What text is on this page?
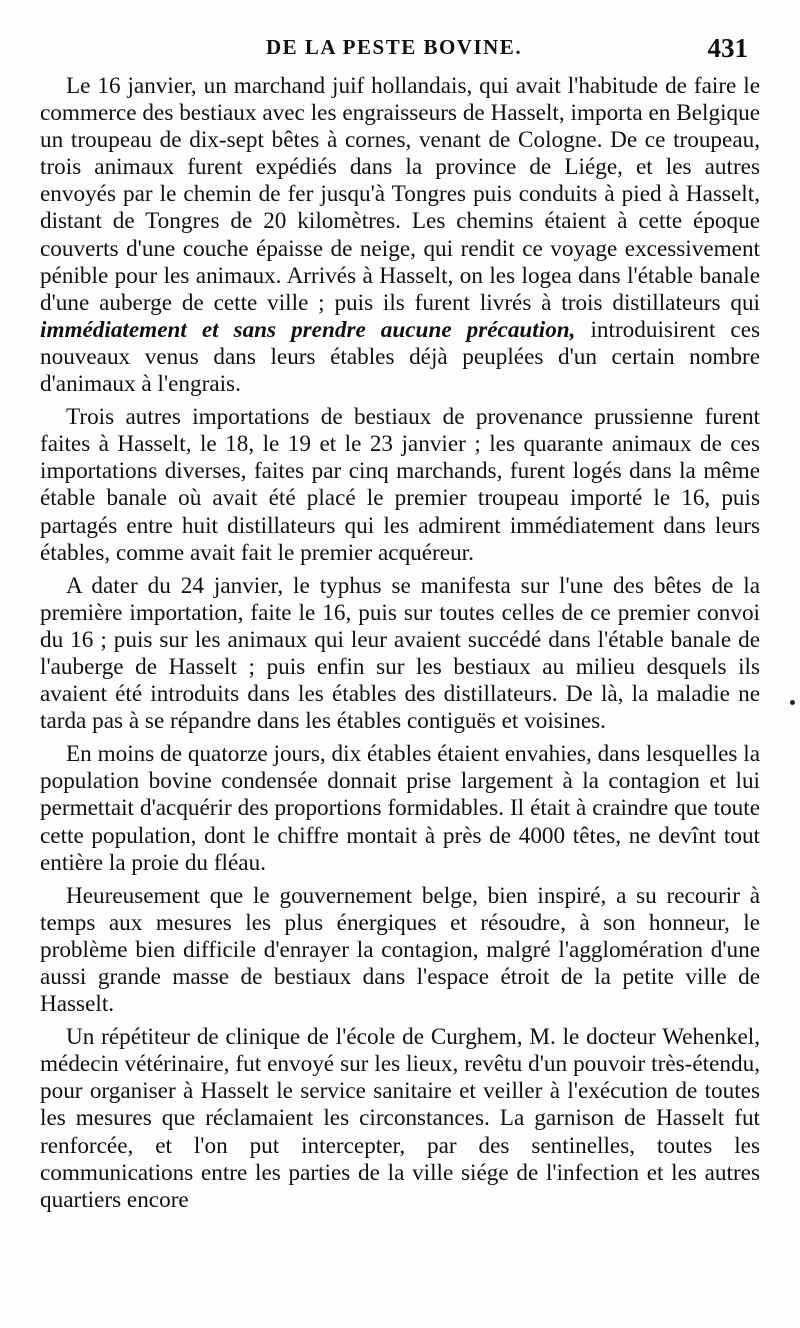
DE LA PESTE BOVINE.	431

Le 16 janvier, un marchand juif hollandais, qui avait l'habitude de faire le commerce des bestiaux avec les engraisseurs de Hasselt, importa en Belgique un troupeau de dix-sept bêtes à cornes, venant de Cologne. De ce troupeau, trois animaux furent expédiés dans la province de Liége, et les autres envoyés par le chemin de fer jusqu'à Tongres puis conduits à pied à Hasselt, distant de Tongres de 20 kilomètres. Les chemins étaient à cette époque couverts d'une couche épaisse de neige, qui rendit ce voyage excessivement pénible pour les animaux. Arrivés à Hasselt, on les logea dans l'étable banale d'une auberge de cette ville ; puis ils furent livrés à trois distillateurs qui immédiatement et sans prendre aucune précaution, introduisirent ces nouveaux venus dans leurs étables déjà peuplées d'un certain nombre d'animaux à l'engrais.

Trois autres importations de bestiaux de provenance prussienne furent faites à Hasselt, le 18, le 19 et le 23 janvier ; les quarante animaux de ces importations diverses, faites par cinq marchands, furent logés dans la même étable banale où avait été placé le premier troupeau importé le 16, puis partagés entre huit distillateurs qui les admirent immédiatement dans leurs étables, comme avait fait le premier acquéreur.

A dater du 24 janvier, le typhus se manifesta sur l'une des bêtes de la première importation, faite le 16, puis sur toutes celles de ce premier convoi du 16 ; puis sur les animaux qui leur avaient succédé dans l'étable banale de l'auberge de Hasselt ; puis enfin sur les bestiaux au milieu desquels ils avaient été introduits dans les étables des distillateurs. De là, la maladie ne tarda pas à se répandre dans les étables contiguës et voisines.

En moins de quatorze jours, dix étables étaient envahies, dans lesquelles la population bovine condensée donnait prise largement à la contagion et lui permettait d'acquérir des proportions formidables. Il était à craindre que toute cette population, dont le chiffre montait à près de 4000 têtes, ne devînt tout entière la proie du fléau.

Heureusement que le gouvernement belge, bien inspiré, a su recourir à temps aux mesures les plus énergiques et résoudre, à son honneur, le problème bien difficile d'enrayer la contagion, malgré l'agglomération d'une aussi grande masse de bestiaux dans l'espace étroit de la petite ville de Hasselt.

Un répétiteur de clinique de l'école de Curghem, M. le docteur Wehenkel, médecin vétérinaire, fut envoyé sur les lieux, revêtu d'un pouvoir très-étendu, pour organiser à Hasselt le service sanitaire et veiller à l'exécution de toutes les mesures que réclamaient les circonstances. La garnison de Hasselt fut renforcée, et l'on put intercepter, par des sentinelles, toutes les communications entre les parties de la ville siége de l'infection et les autres quartiers encore
